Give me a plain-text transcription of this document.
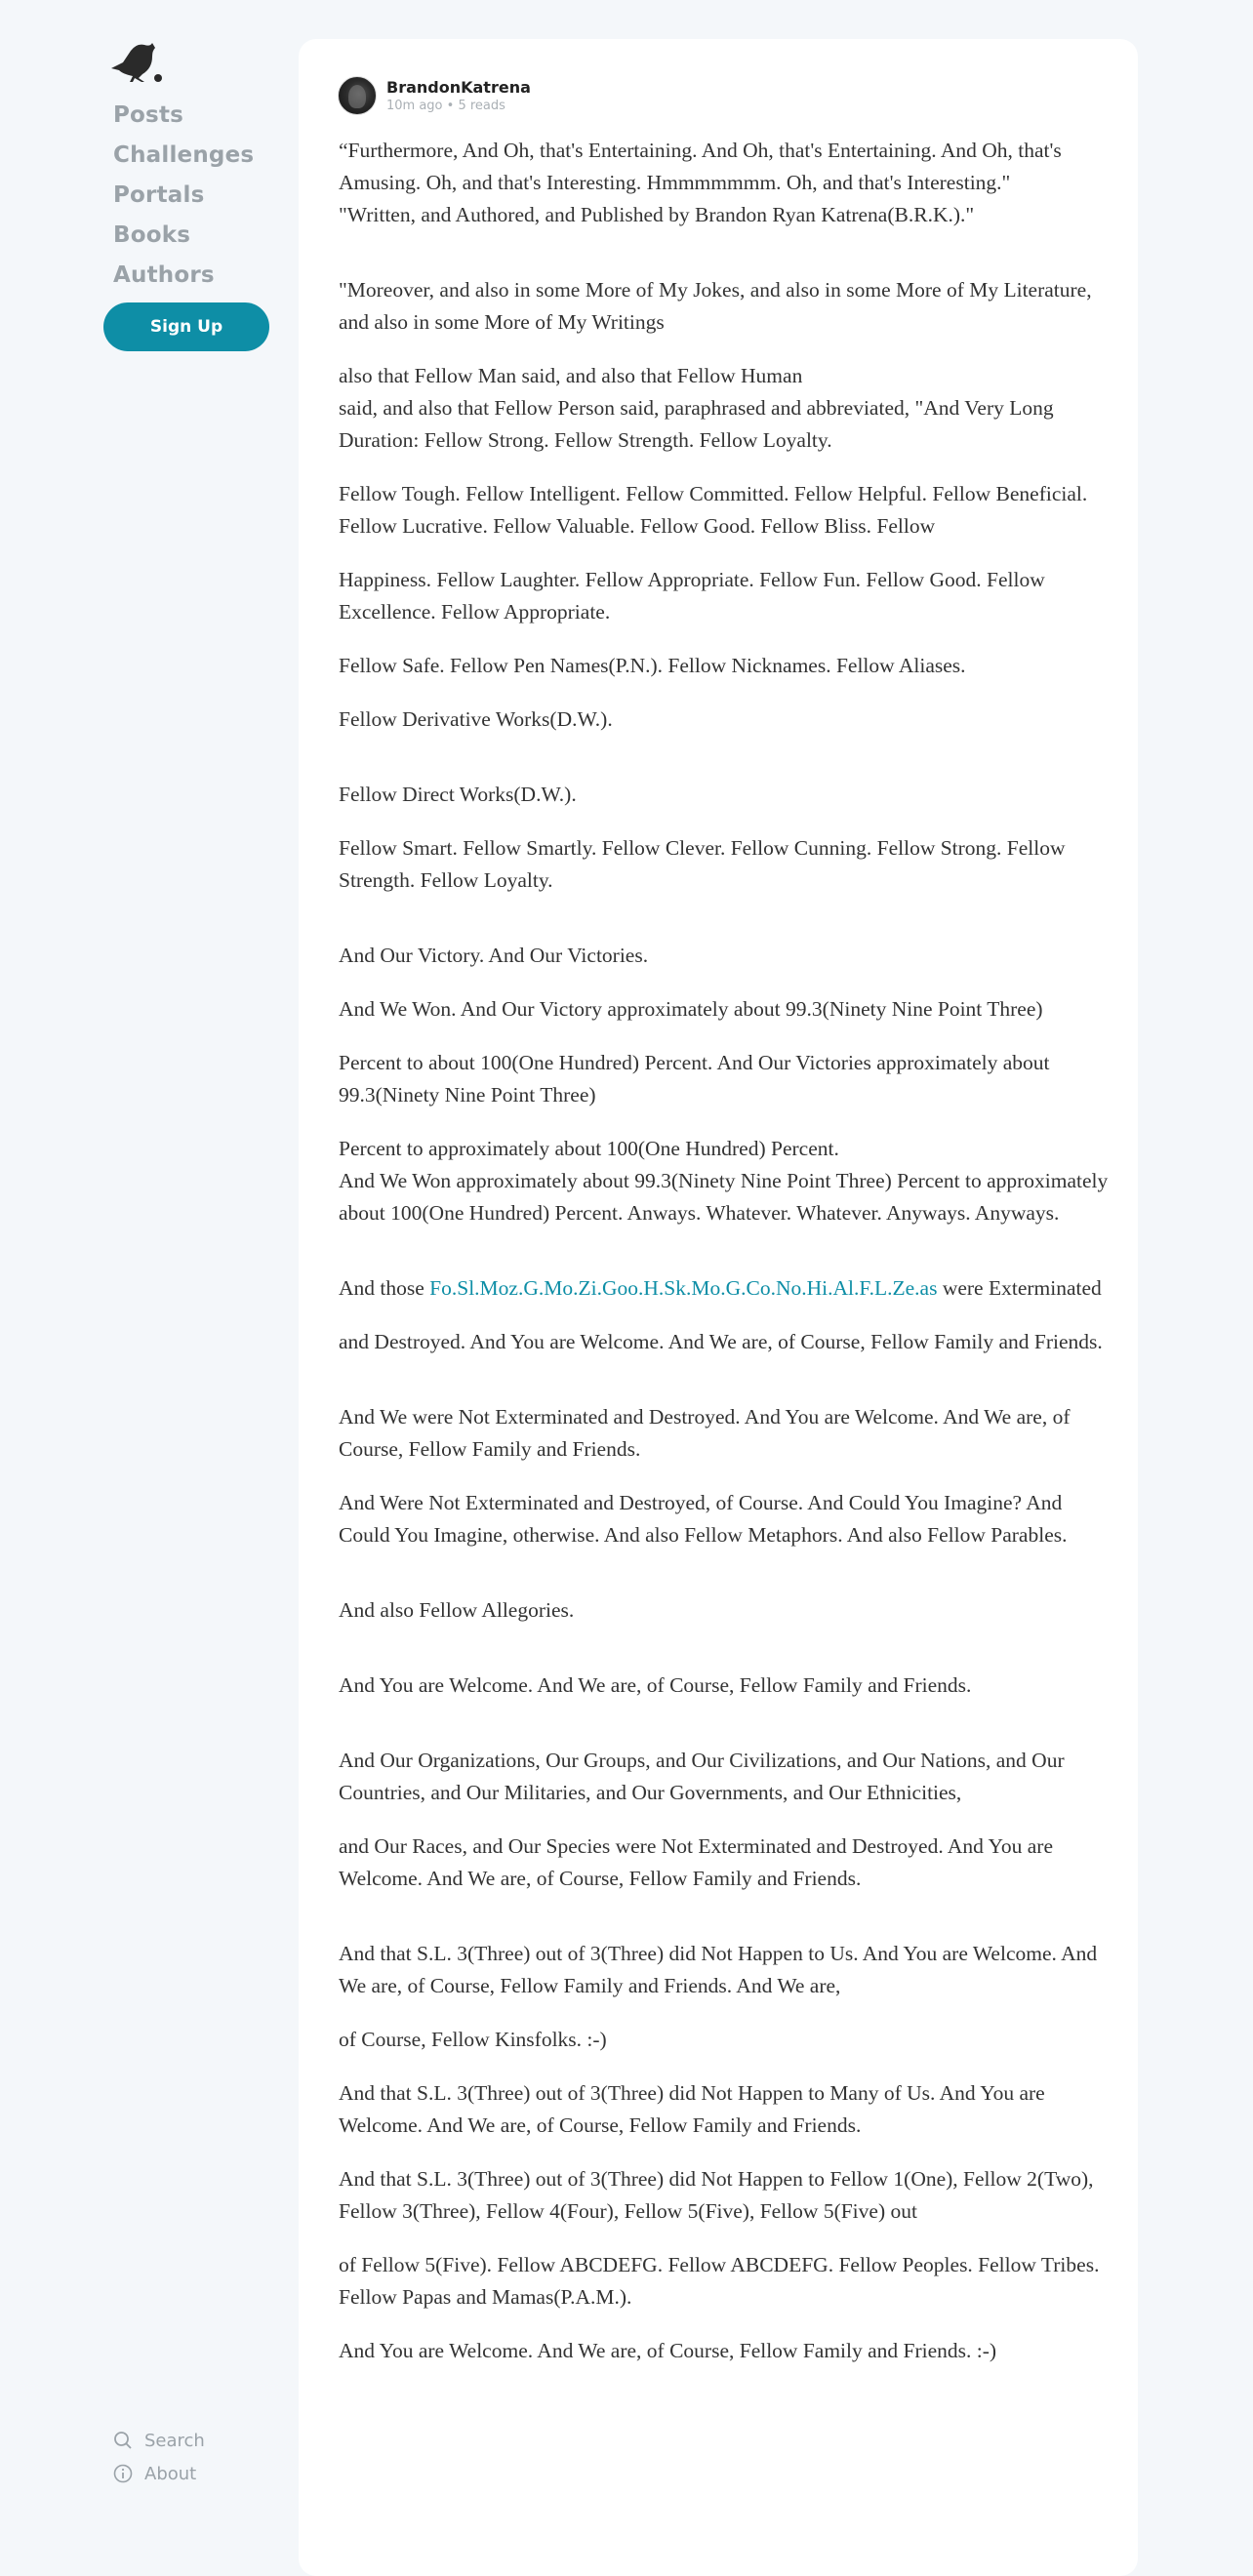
Posts
Challenges
Portals
Books
Authors
Sign Up
Search
About
BrandonKatrena
10m ago • 5 reads

“Furthermore, And Oh, that's Entertaining. And Oh, that's Entertaining. And Oh, that's Amusing. Oh, and that's Interesting. Hmmmmmmm. Oh, and that's Interesting."
"Written, and Authored, and Published by Brandon Ryan Katrena(B.R.K.)."

"Moreover, and also in some More of My Jokes, and also in some More of My Literature, and also in some More of My Writings

also that Fellow Man said, and also that Fellow Human
said, and also that Fellow Person said, paraphrased and abbreviated, "And Very Long Duration: Fellow Strong. Fellow Strength. Fellow Loyalty.

Fellow Tough. Fellow Intelligent. Fellow Committed. Fellow Helpful. Fellow Beneficial. Fellow Lucrative. Fellow Valuable. Fellow Good. Fellow Bliss. Fellow

Happiness. Fellow Laughter. Fellow Appropriate. Fellow Fun. Fellow Good. Fellow Excellence. Fellow Appropriate.

Fellow Safe. Fellow Pen Names(P.N.). Fellow Nicknames. Fellow Aliases.

Fellow Derivative Works(D.W.).

Fellow Direct Works(D.W.).

Fellow Smart. Fellow Smartly. Fellow Clever. Fellow Cunning. Fellow Strong. Fellow Strength. Fellow Loyalty.

And Our Victory. And Our Victories.

And We Won. And Our Victory approximately about 99.3(Ninety Nine Point Three)

Percent to about 100(One Hundred) Percent. And Our Victories approximately about 99.3(Ninety Nine Point Three)

Percent to approximately about 100(One Hundred) Percent.
And We Won approximately about 99.3(Ninety Nine Point Three) Percent to approximately about 100(One Hundred) Percent. Anways. Whatever. Whatever. Anyways. Anyways.

And those Fo.Sl.Moz.G.Mo.Zi.Goo.H.Sk.Mo.G.Co.No.Hi.Al.F.L.Ze.as were Exterminated

and Destroyed. And You are Welcome. And We are, of Course, Fellow Family and Friends.

And We were Not Exterminated and Destroyed. And You are Welcome. And We are, of Course, Fellow Family and Friends.

And Were Not Exterminated and Destroyed, of Course. And Could You Imagine? And Could You Imagine, otherwise. And also Fellow Metaphors. And also Fellow Parables.

And also Fellow Allegories.

And You are Welcome. And We are, of Course, Fellow Family and Friends.

And Our Organizations, Our Groups, and Our Civilizations, and Our Nations, and Our Countries, and Our Militaries, and Our Governments, and Our Ethnicities,

and Our Races, and Our Species were Not Exterminated and Destroyed. And You are Welcome. And We are, of Course, Fellow Family and Friends.

And that S.L. 3(Three) out of 3(Three) did Not Happen to Us. And You are Welcome. And We are, of Course, Fellow Family and Friends. And We are,

of Course, Fellow Kinsfolks. :-)

And that S.L. 3(Three) out of 3(Three) did Not Happen to Many of Us. And You are Welcome. And We are, of Course, Fellow Family and Friends.

And that S.L. 3(Three) out of 3(Three) did Not Happen to Fellow 1(One), Fellow 2(Two), Fellow 3(Three), Fellow 4(Four), Fellow 5(Five), Fellow 5(Five) out

of Fellow 5(Five). Fellow ABCDEFG. Fellow ABCDEFG. Fellow Peoples. Fellow Tribes. Fellow Papas and Mamas(P.A.M.).

And You are Welcome. And We are, of Course, Fellow Family and Friends. :-)
